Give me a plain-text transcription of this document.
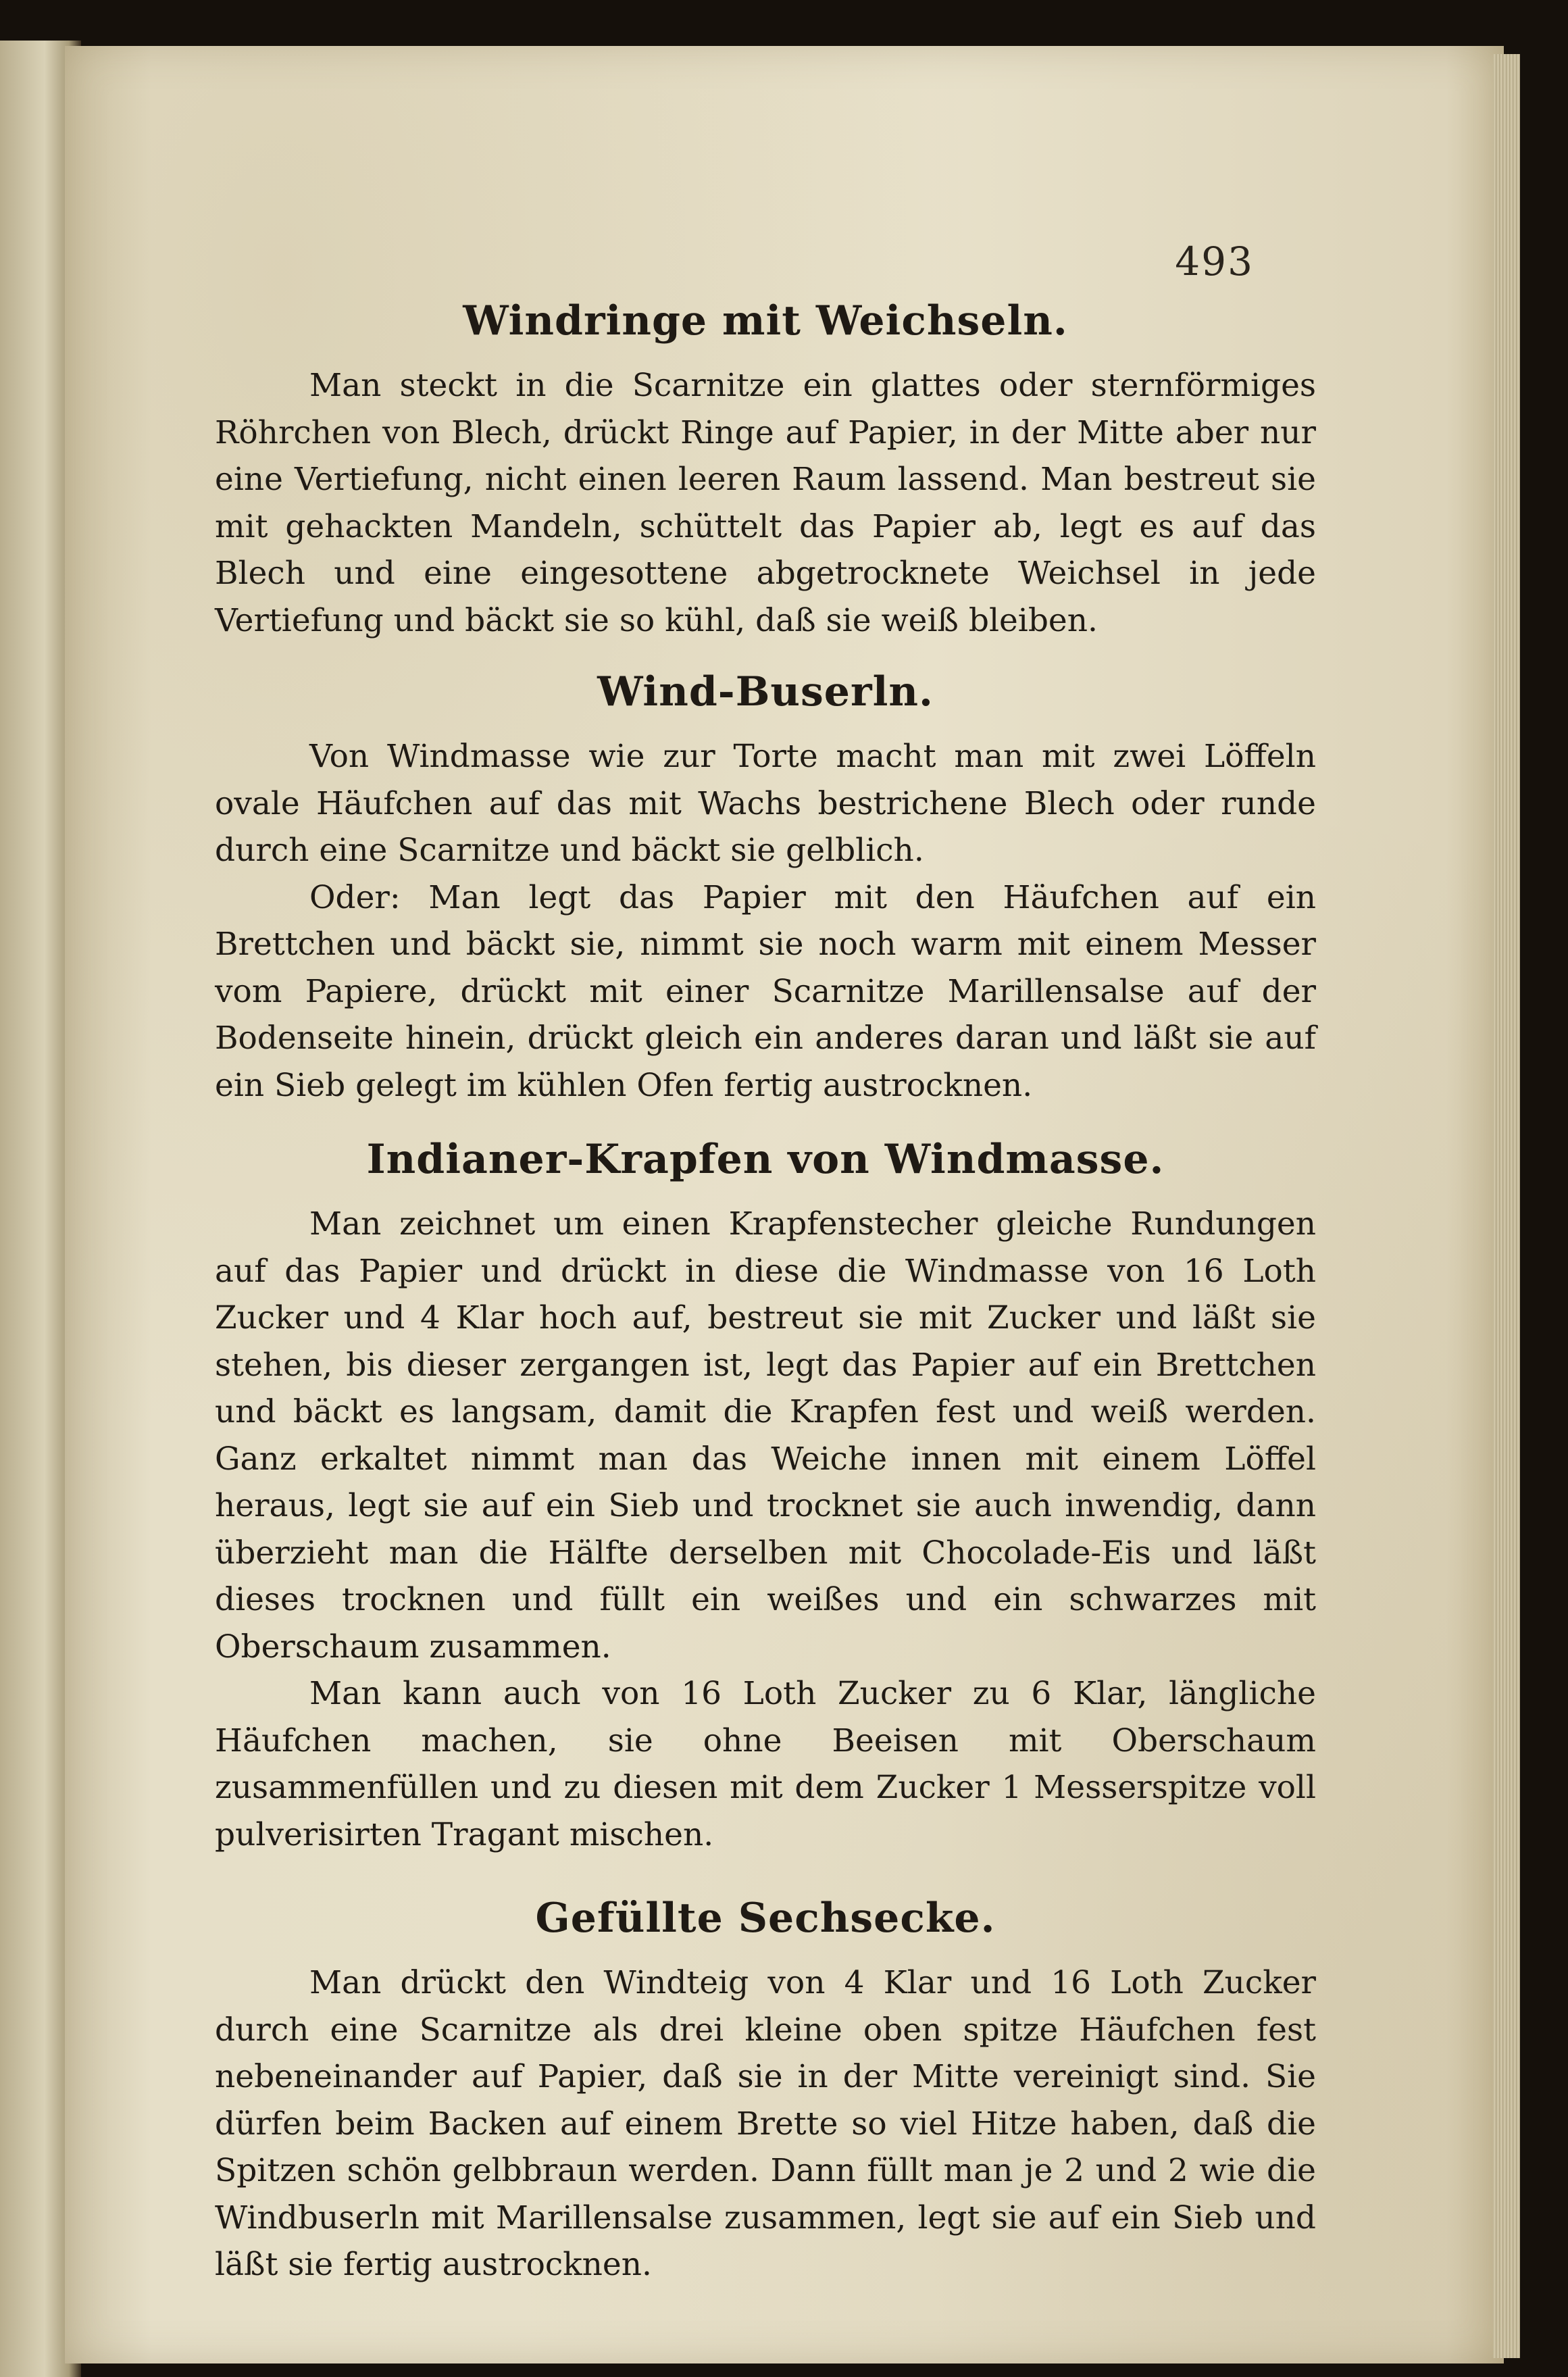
493
Windringe mit Weichseln.

Man steckt in die Scarnitze ein glattes oder sternförmiges Röhrchen von Blech, drückt Ringe auf Papier, in der Mitte aber nur eine Vertiefung, nicht einen leeren Raum lassend. Man bestreut sie mit gehackten Mandeln, schüttelt das Papier ab, legt es auf das Blech und eine eingesottene abgetrocknete Weichsel in jede Vertiefung und bäckt sie so kühl, daß sie weiß bleiben.

Wind-Buserln.

Von Windmasse wie zur Torte macht man mit zwei Löffeln ovale Häufchen auf das mit Wachs bestrichene Blech oder runde durch eine Scarnitze und bäckt sie gelblich.

Oder: Man legt das Papier mit den Häufchen auf ein Brettchen und bäckt sie, nimmt sie noch warm mit einem Messer vom Papiere, drückt mit einer Scarnitze Marillensalse auf der Bodenseite hinein, drückt gleich ein anderes daran und läßt sie auf ein Sieb gelegt im kühlen Ofen fertig austrocknen.

Indianer-Krapfen von Windmasse.

Man zeichnet um einen Krapfenstecher gleiche Rundungen auf das Papier und drückt in diese die Windmasse von 16 Loth Zucker und 4 Klar hoch auf, bestreut sie mit Zucker und läßt sie stehen, bis dieser zergangen ist, legt das Papier auf ein Brettchen und bäckt es langsam, damit die Krapfen fest und weiß werden. Ganz erkaltet nimmt man das Weiche innen mit einem Löffel heraus, legt sie auf ein Sieb und trocknet sie auch inwendig, dann überzieht man die Hälfte derselben mit Chocolade-Eis und läßt dieses trocknen und füllt ein weißes und ein schwarzes mit Oberschaum zusammen.

Man kann auch von 16 Loth Zucker zu 6 Klar, längliche Häufchen machen, sie ohne Beeisen mit Oberschaum zusammenfüllen und zu diesen mit dem Zucker 1 Messerspitze voll pulverisirten Tragant mischen.

Gefüllte Sechsecke.

Man drückt den Windteig von 4 Klar und 16 Loth Zucker durch eine Scarnitze als drei kleine oben spitze Häufchen fest nebeneinander auf Papier, daß sie in der Mitte vereinigt sind. Sie dürfen beim Backen auf einem Brette so viel Hitze haben, daß die Spitzen schön gelbbraun werden. Dann füllt man je 2 und 2 wie die Windbuserln mit Marillensalse zusammen, legt sie auf ein Sieb und läßt sie fertig austrocknen.
